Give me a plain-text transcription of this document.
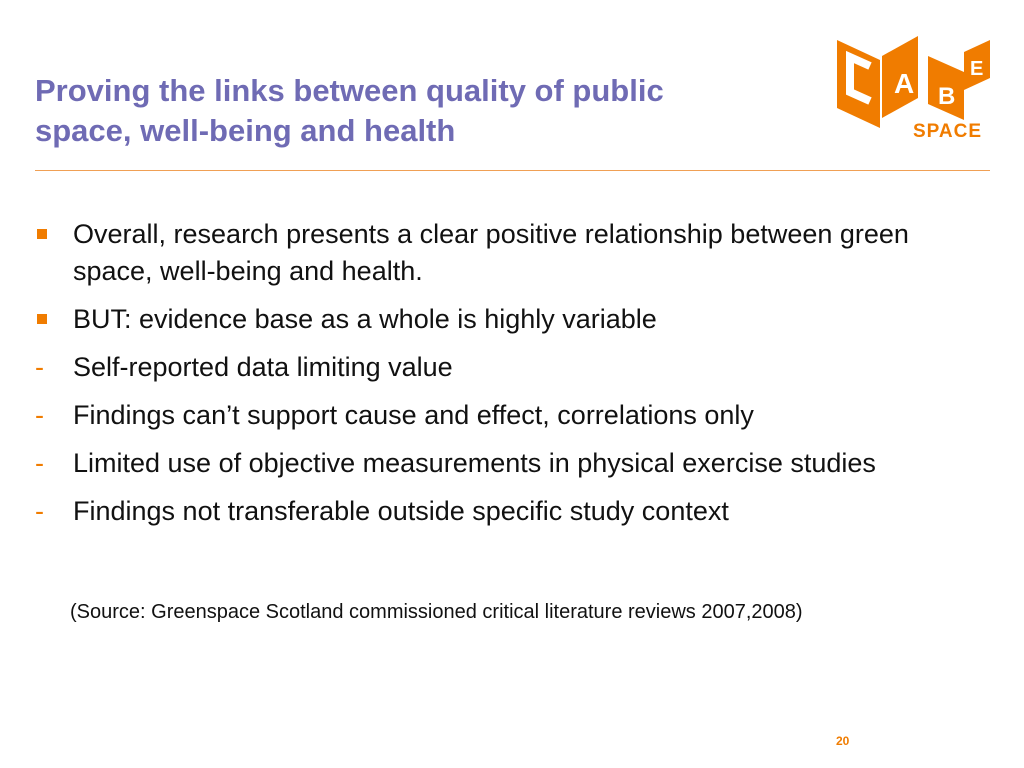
Proving the links between quality of public
space, well-being and health
A B
E
SPACE
Overall, research presents a clear positive relationship between green space, well-being and health.
BUT: evidence base as a whole is highly variable
Self-reported data limiting value
Findings can’t support cause and effect, correlations only
Limited use of objective measurements in physical exercise studies
Findings not transferable outside specific study context

(Source: Greenspace Scotland commissioned critical literature reviews 2007,2008)

20
